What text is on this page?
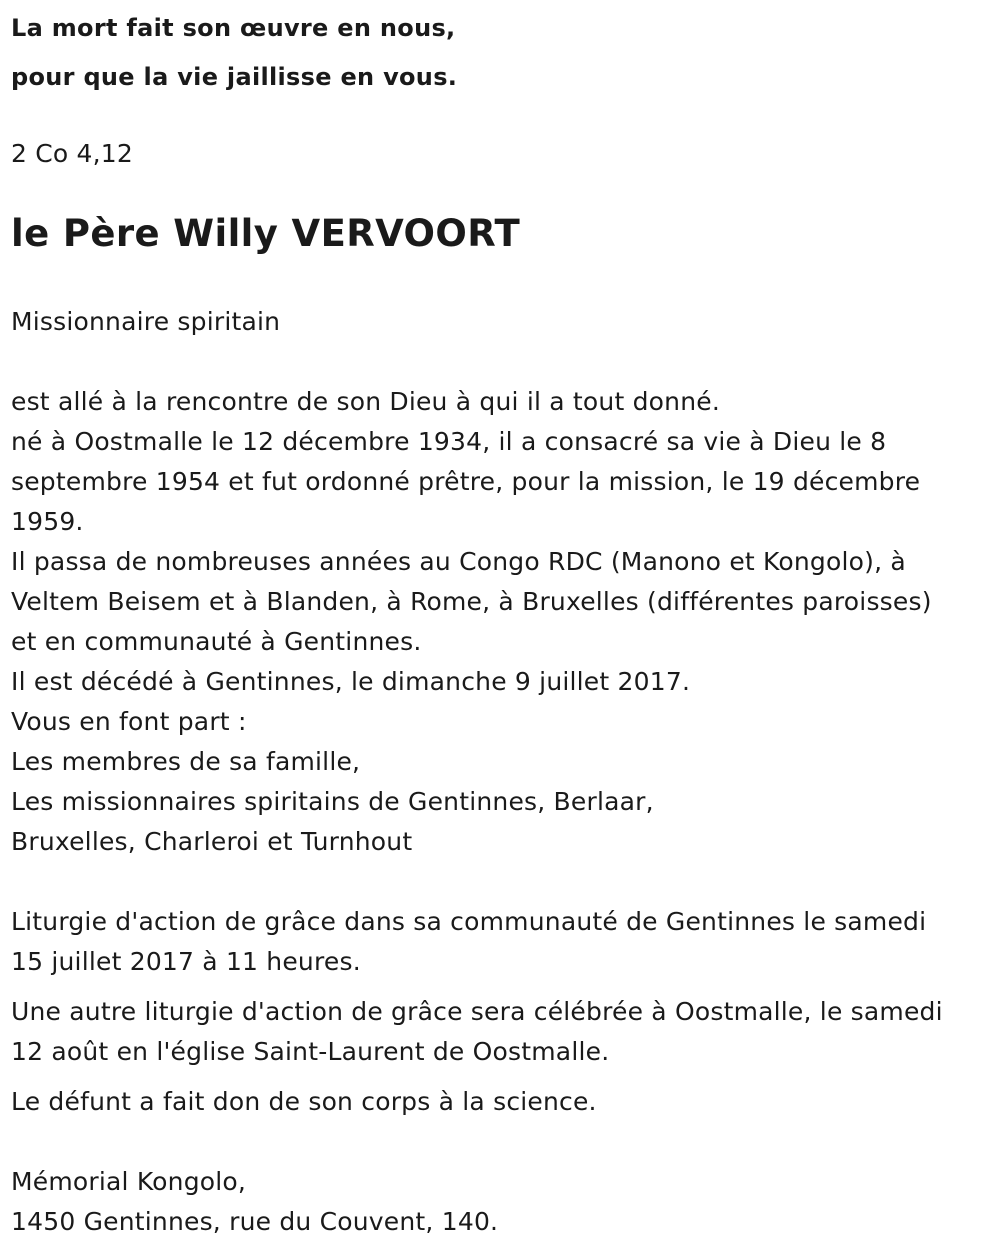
La mort fait son œuvre en nous,
pour que la vie jaillisse en vous.
2 Co 4,12
le Père Willy VERVOORT
Missionnaire spiritain
est allé à la rencontre de son Dieu à qui il a tout donné.
né à Oostmalle le 12 décembre 1934, il a consacré sa vie à Dieu le 8
septembre 1954 et fut ordonné prêtre, pour la mission, le 19 décembre
1959.
Il passa de nombreuses années au Congo RDC (Manono et Kongolo), à
Veltem Beisem et à Blanden, à Rome, à Bruxelles (différentes paroisses)
et en communauté à Gentinnes.
Il est décédé à Gentinnes, le dimanche 9 juillet 2017.
Vous en font part :
Les membres de sa famille,
Les missionnaires spiritains de Gentinnes, Berlaar,
Bruxelles, Charleroi et Turnhout
Liturgie d'action de grâce dans sa communauté de Gentinnes le samedi
15 juillet 2017 à 11 heures.
Une autre liturgie d'action de grâce sera célébrée à Oostmalle, le samedi
12 août en l'église Saint-Laurent de Oostmalle.
Le défunt a fait don de son corps à la science.
Mémorial Kongolo,
1450 Gentinnes, rue du Couvent, 140.
